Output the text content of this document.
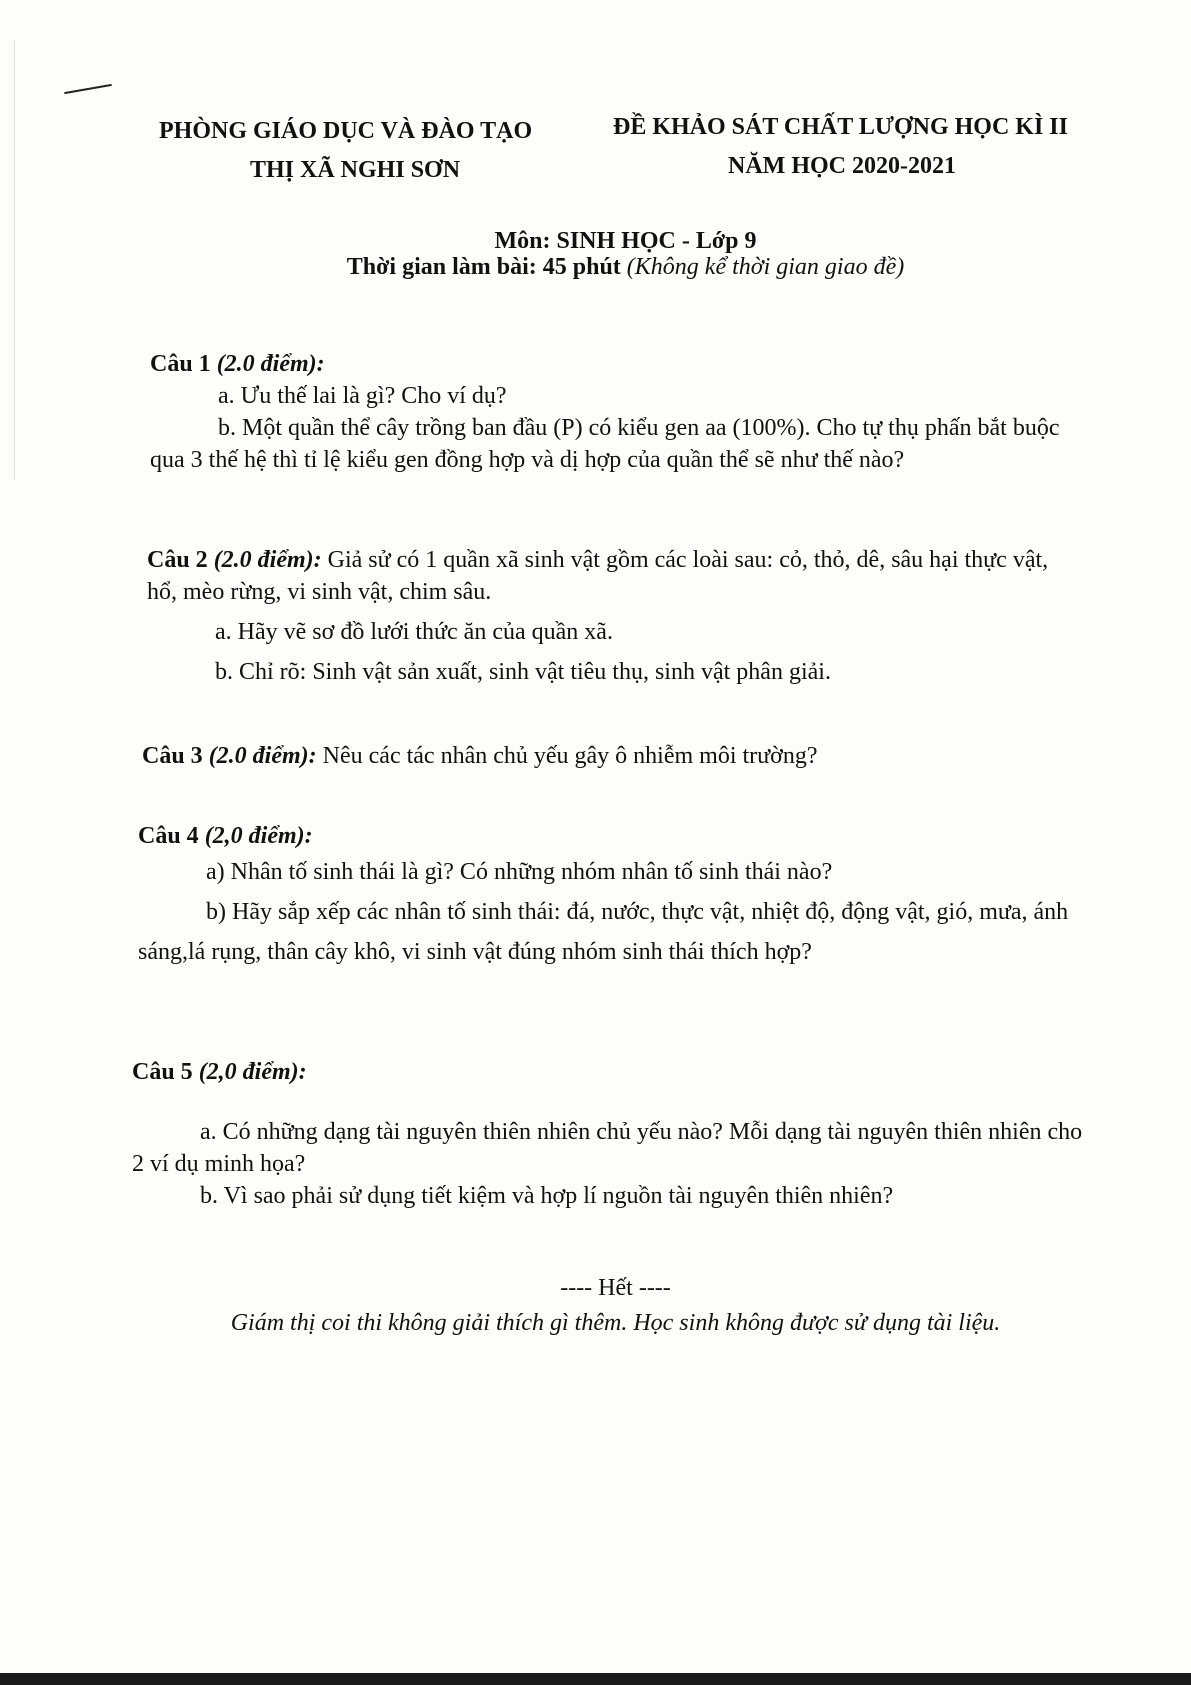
PHÒNG GIÁO DỤC VÀ ĐÀO TẠO
THỊ XÃ NGHI SƠN
ĐỀ KHẢO SÁT CHẤT LƯỢNG HỌC KÌ II
NĂM HỌC 2020-2021
Môn: SINH HỌC - Lớp 9
Thời gian làm bài: 45 phút (Không kể thời gian giao đề)
Câu 1 (2.0 điểm):
a. Ưu thế lai là gì? Cho ví dụ?
b. Một quần thể cây trồng ban đầu (P) có kiểu gen aa (100%). Cho tự thụ phấn bắt buộc qua 3 thế hệ thì tỉ lệ kiểu gen đồng hợp và dị hợp của quần thể sẽ như thế nào?
Câu 2 (2.0 điểm): Giả sử có 1 quần xã sinh vật gồm các loài sau: cỏ, thỏ, dê, sâu hại thực vật, hổ, mèo rừng, vi sinh vật, chim sâu.
a. Hãy vẽ sơ đồ lưới thức ăn của quần xã.
b. Chỉ rõ: Sinh vật sản xuất, sinh vật tiêu thụ, sinh vật phân giải.
Câu 3 (2.0 điểm): Nêu các tác nhân chủ yếu gây ô nhiễm môi trường?
Câu 4 (2,0 điểm):
a) Nhân tố sinh thái là gì? Có những nhóm nhân tố sinh thái nào?
b) Hãy sắp xếp các nhân tố sinh thái: đá, nước, thực vật, nhiệt độ, động vật, gió, mưa, ánh sáng,lá rụng, thân cây khô, vi sinh vật đúng nhóm sinh thái thích hợp?
Câu 5 (2,0 điểm):
a. Có những dạng tài nguyên thiên nhiên chủ yếu nào? Mỗi dạng tài nguyên thiên nhiên cho 2 ví dụ minh họa?
b. Vì sao phải sử dụng tiết kiệm và hợp lí nguồn tài nguyên thiên nhiên?
---- Hết ----
Giám thị coi thi không giải thích gì thêm. Học sinh không được sử dụng tài liệu.
